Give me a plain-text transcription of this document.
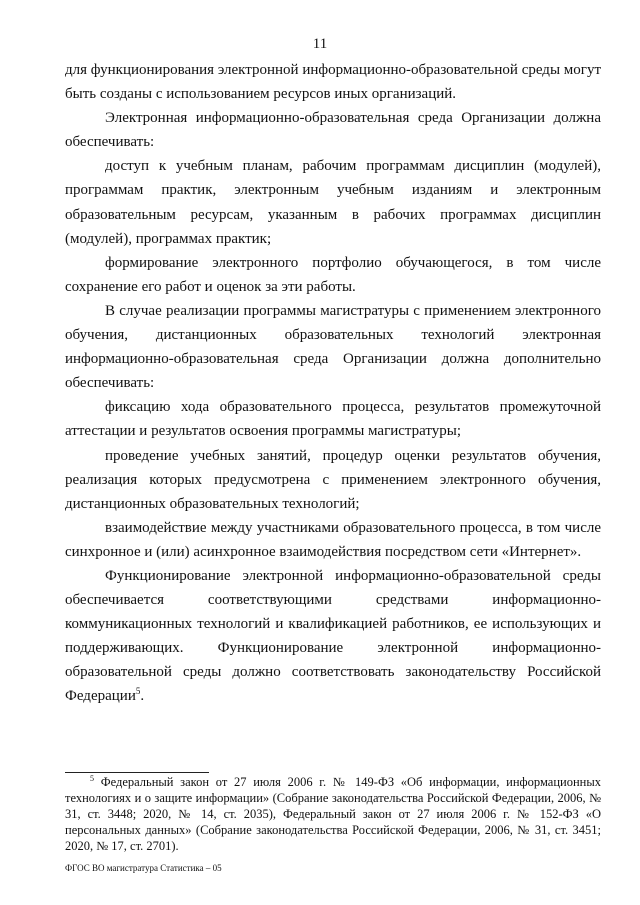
11

для функционирования электронной информационно-образовательной среды могут быть созданы с использованием ресурсов иных организаций.

Электронная информационно-образовательная среда Организации должна обеспечивать:

доступ к учебным планам, рабочим программам дисциплин (модулей), программам практик, электронным учебным изданиям и электронным образовательным ресурсам, указанным в рабочих программах дисциплин (модулей), программах практик;

формирование электронного портфолио обучающегося, в том числе сохранение его работ и оценок за эти работы.

В случае реализации программы магистратуры с применением электронного обучения, дистанционных образовательных технологий электронная информационно-образовательная среда Организации должна дополнительно обеспечивать:

фиксацию хода образовательного процесса, результатов промежуточной аттестации и результатов освоения программы магистратуры;

проведение учебных занятий, процедур оценки результатов обучения, реализация которых предусмотрена с применением электронного обучения, дистанционных образовательных технологий;

взаимодействие между участниками образовательного процесса, в том числе синхронное и (или) асинхронное взаимодействия посредством сети «Интернет».

Функционирование электронной информационно-образовательной среды обеспечивается соответствующими средствами информационно-коммуникационных технологий и квалификацией работников, ее использующих и поддерживающих. Функционирование электронной информационно-образовательной среды должно соответствовать законодательству Российской Федерации$^5$.

$^5$ Федеральный закон от 27 июля 2006 г. № 149-ФЗ «Об информации, информационных технологиях и о защите информации» (Собрание законодательства Российской Федерации, 2006, № 31, ст. 3448; 2020, № 14, ст. 2035), Федеральный закон от 27 июля 2006 г. № 152-ФЗ «О персональных данных» (Собрание законодательства Российской Федерации, 2006, № 31, ст. 3451; 2020, № 17, ст. 2701).
ФГОС ВО магистратура Статистика – 05
